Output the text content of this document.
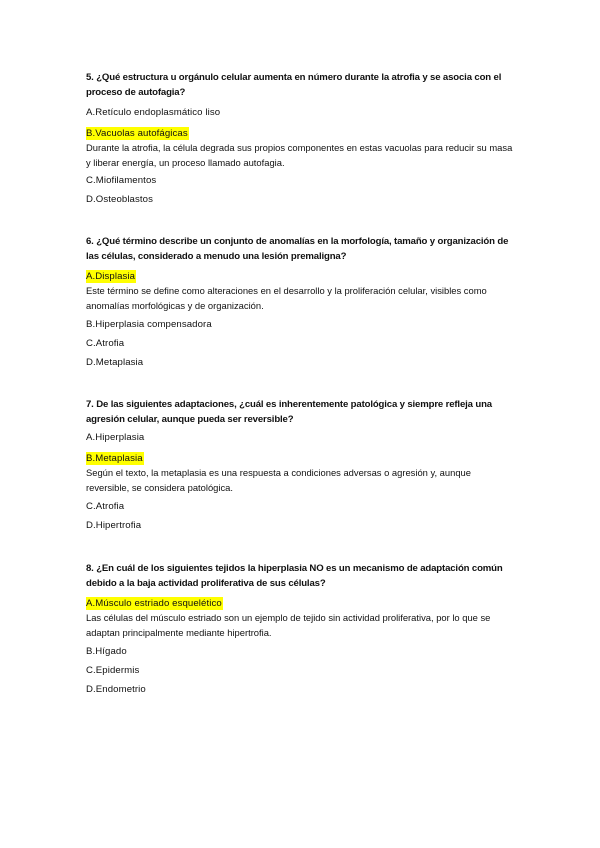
5. ¿Qué estructura u orgánulo celular aumenta en número durante la atrofia y se asocia con el proceso de autofagia?

A.Retículo endoplasmático liso

B.Vacuolas autofágicas

Durante la atrofia, la célula degrada sus propios componentes en estas vacuolas para reducir su masa y liberar energía, un proceso llamado autofagia.

C.Miofilamentos

D.Osteoblastos

6. ¿Qué término describe un conjunto de anomalías en la morfología, tamaño y organización de las células, considerado a menudo una lesión premaligna?

A.Displasia

Este término se define como alteraciones en el desarrollo y la proliferación celular, visibles como anomalías morfológicas y de organización.

B.Hiperplasia compensadora

C.Atrofia

D.Metaplasia

7. De las siguientes adaptaciones, ¿cuál es inherentemente patológica y siempre refleja una agresión celular, aunque pueda ser reversible?

A.Hiperplasia

B.Metaplasia

Según el texto, la metaplasia es una respuesta a condiciones adversas o agresión y, aunque reversible, se considera patológica.

C.Atrofia

D.Hipertrofia

8. ¿En cuál de los siguientes tejidos la hiperplasia NO es un mecanismo de adaptación común debido a la baja actividad proliferativa de sus células?

A.Músculo estriado esquelético

Las células del músculo estriado son un ejemplo de tejido sin actividad proliferativa, por lo que se adaptan principalmente mediante hipertrofia.

B.Hígado

C.Epidermis

D.Endometrio
